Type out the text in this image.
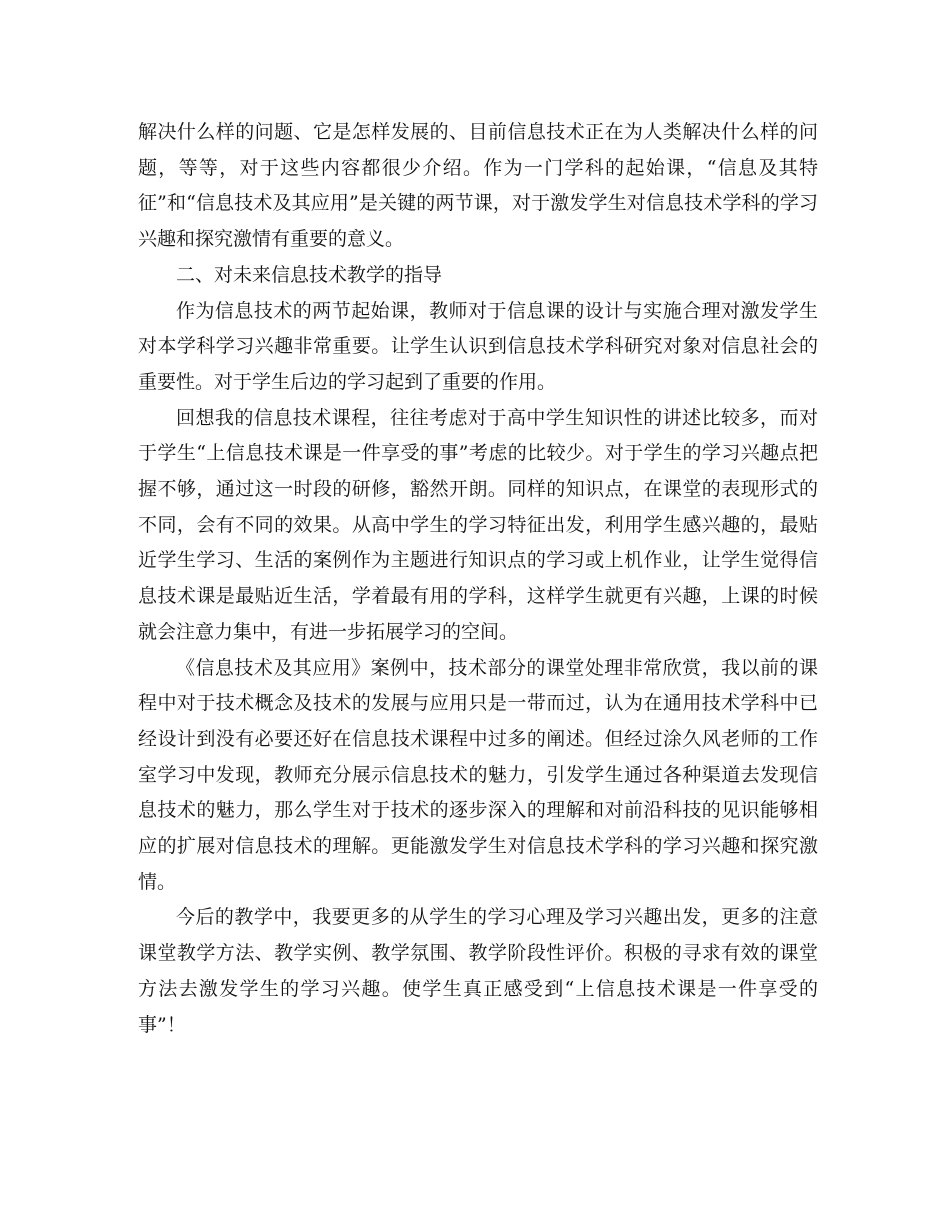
解决什么样的问题、它是怎样发展的、目前信息技术正在为人类解决什么样的问题，等等，对于这些内容都很少介绍。作为一门学科的起始课，“信息及其特征”和“信息技术及其应用”是关键的两节课，对于激发学生对信息技术学科的学习兴趣和探究激情有重要的意义。

二、对未来信息技术教学的指导

作为信息技术的两节起始课，教师对于信息课的设计与实施合理对激发学生对本学科学习兴趣非常重要。让学生认识到信息技术学科研究对象对信息社会的重要性。对于学生后边的学习起到了重要的作用。

回想我的信息技术课程，往往考虑对于高中学生知识性的讲述比较多，而对于学生“上信息技术课是一件享受的事”考虑的比较少。对于学生的学习兴趣点把握不够，通过这一时段的研修，豁然开朗。同样的知识点，在课堂的表现形式的不同，会有不同的效果。从高中学生的学习特征出发，利用学生感兴趣的，最贴近学生学习、生活的案例作为主题进行知识点的学习或上机作业，让学生觉得信息技术课是最贴近生活，学着最有用的学科，这样学生就更有兴趣，上课的时候就会注意力集中，有进一步拓展学习的空间。

《信息技术及其应用》案例中，技术部分的课堂处理非常欣赏，我以前的课程中对于技术概念及技术的发展与应用只是一带而过，认为在通用技术学科中已经设计到没有必要还好在信息技术课程中过多的阐述。但经过涂久风老师的工作室学习中发现，教师充分展示信息技术的魅力，引发学生通过各种渠道去发现信息技术的魅力，那么学生对于技术的逐步深入的理解和对前沿科技的见识能够相应的扩展对信息技术的理解。更能激发学生对信息技术学科的学习兴趣和探究激情。

今后的教学中，我要更多的从学生的学习心理及学习兴趣出发，更多的注意课堂教学方法、教学实例、教学氛围、教学阶段性评价。积极的寻求有效的课堂方法去激发学生的学习兴趣。使学生真正感受到“上信息技术课是一件享受的事”！
